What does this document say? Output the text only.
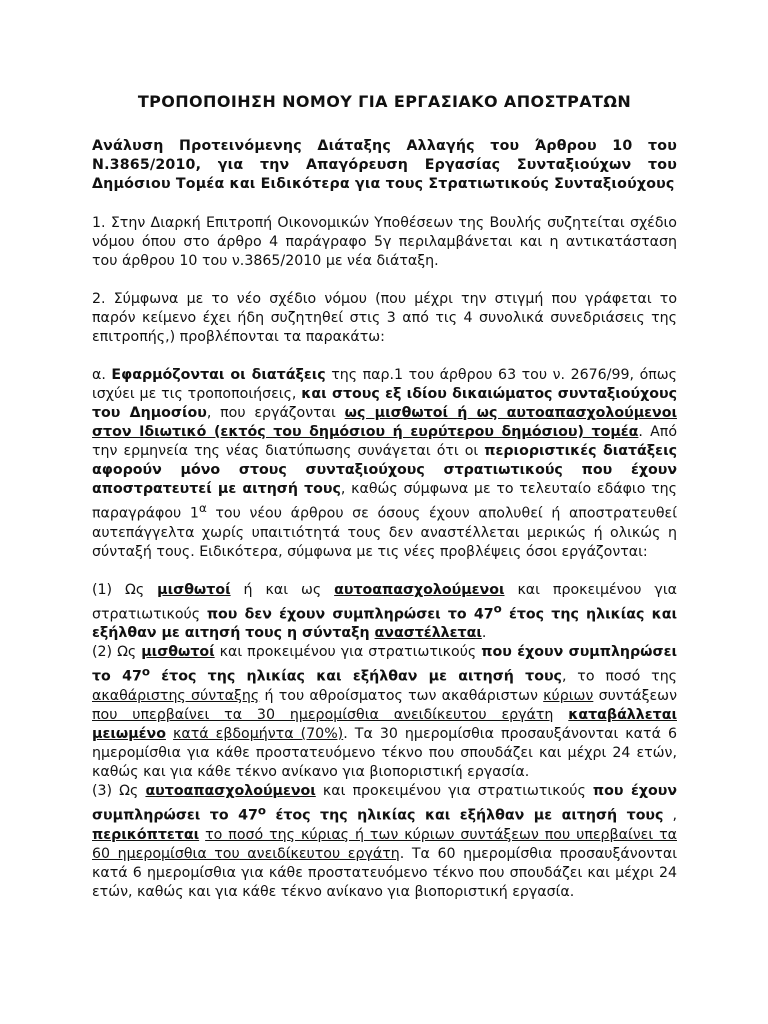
ΤΡΟΠΟΠΟΙΗΣΗ ΝΟΜΟΥ ΓΙΑ ΕΡΓΑΣΙΑΚΟ ΑΠΟΣΤΡΑΤΩΝ

Ανάλυση Προτεινόμενης Διάταξης Αλλαγής του Άρθρου 10 του Ν.3865/2010, για την Απαγόρευση Εργασίας Συνταξιούχων του Δημόσιου Τομέα και Ειδικότερα για τους Στρατιωτικούς Συνταξιούχους

1. Στην Διαρκή Επιτροπή Οικονομικών Υποθέσεων της Βουλής συζητείται σχέδιο νόμου όπου στο άρθρο 4 παράγραφο 5γ περιλαμβάνεται και η αντικατάσταση του άρθρου 10 του ν.3865/2010 με νέα διάταξη.

2. Σύμφωνα με το νέο σχέδιο νόμου (που μέχρι την στιγμή που γράφεται το παρόν κείμενο έχει ήδη συζητηθεί στις 3 από τις 4 συνολικά συνεδριάσεις της επιτροπής,) προβλέπονται τα παρακάτω:

α. Εφαρμόζονται οι διατάξεις της παρ.1 του άρθρου 63 του ν. 2676/99, όπως ισχύει με τις τροποποιήσεις, και στους εξ ιδίου δικαιώματος συνταξιούχους του Δημοσίου, που εργάζονται ως μισθωτοί ή ως αυτοαπασχολούμενοι στον Ιδιωτικό (εκτός του δημόσιου ή ευρύτερου δημόσιου) τομέα. Από την ερμηνεία της νέας διατύπωσης συνάγεται ότι οι περιοριστικές διατάξεις αφορούν μόνο στους συνταξιούχους στρατιωτικούς που έχουν αποστρατευτεί με αιτησή τους, καθώς σύμφωνα με το τελευταίο εδάφιο της παραγράφου $1^\alpha$ του νέου άρθρου σε όσους έχουν απολυθεί ή αποστρατευθεί αυτεπάγγελτα χωρίς υπαιτιότητά τους δεν αναστέλλεται μερικώς ή ολικώς η σύνταξή τους. Ειδικότερα, σύμφωνα με τις νέες προβλέψεις όσοι εργάζονται:

(1) Ως μισθωτοί ή και ως αυτοαπασχολούμενοι και προκειμένου για στρατιωτικούς που δεν έχουν συμπληρώσει το $47^o$ έτος της ηλικίας και εξήλθαν με αιτησή τους η σύνταξη αναστέλλεται.

(2) Ως μισθωτοί και προκειμένου για στρατιωτικούς που έχουν συμπληρώσει το $47^o$ έτος της ηλικίας και εξήλθαν με αιτησή τους, το ποσό της ακαθάριστης σύνταξης ή του αθροίσματος των ακαθάριστων κύριων συντάξεων που υπερβαίνει τα 30 ημερομίσθια ανειδίκευτου εργάτη καταβάλλεται μειωμένο κατά εβδομήντα (70%). Τα 30 ημερομίσθια προσαυξάνονται κατά 6 ημερομίσθια για κάθε προστατευόμενο τέκνο που σπουδάζει και μέχρι 24 ετών, καθώς και για κάθε τέκνο ανίκανο για βιοποριστική εργασία.

(3) Ως αυτοαπασχολούμενοι και προκειμένου για στρατιωτικούς που έχουν συμπληρώσει το $47^o$ έτος της ηλικίας και εξήλθαν με αιτησή τους , περικόπτεται το ποσό της κύριας ή των κύριων συντάξεων που υπερβαίνει τα 60 ημερομίσθια του ανειδίκευτου εργάτη. Τα 60 ημερομίσθια προσαυξάνονται κατά 6 ημερομίσθια για κάθε προστατευόμενο τέκνο που σπουδάζει και μέχρι 24 ετών, καθώς και για κάθε τέκνο ανίκανο για βιοποριστική εργασία.
